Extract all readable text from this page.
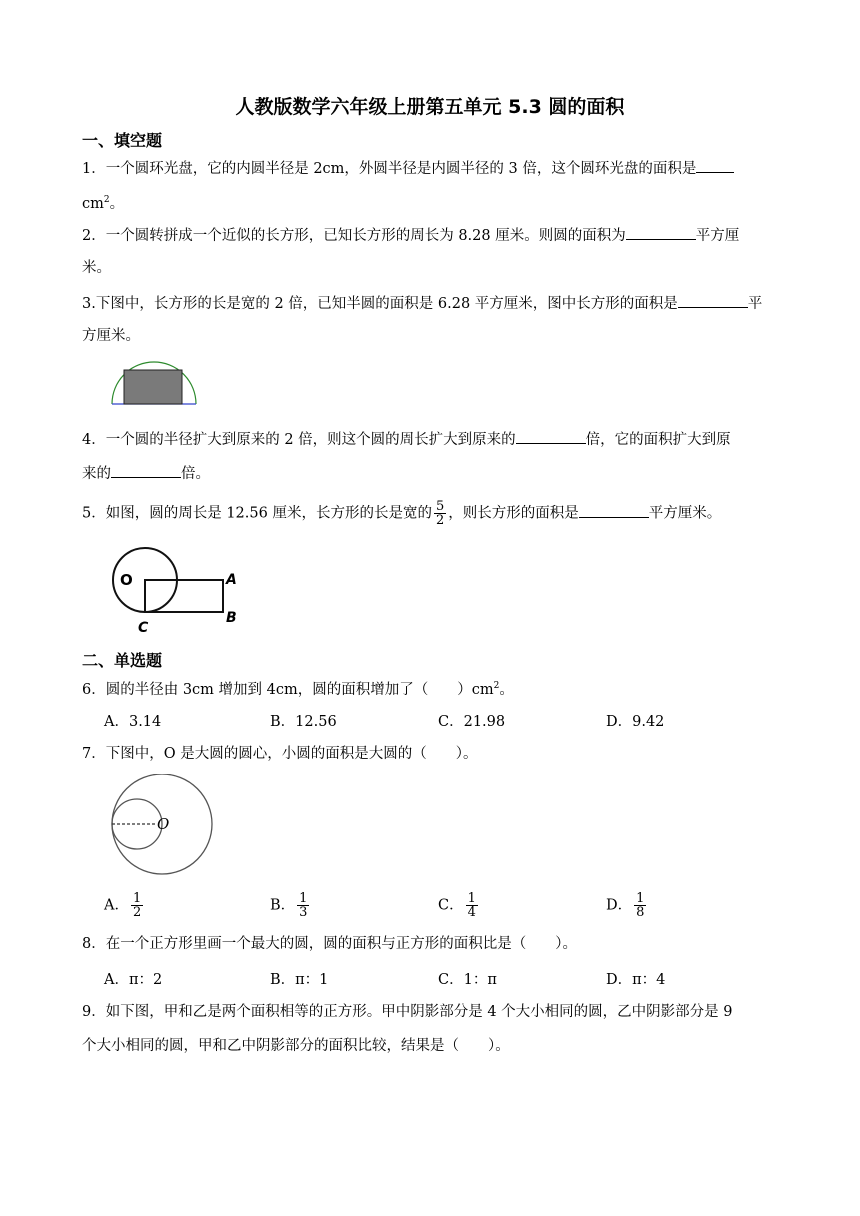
人教版数学六年级上册第五单元 5.3 圆的面积
一、填空题
1．一个圆环光盘，它的内圆半径是 2cm，外圆半径是内圆半径的 3 倍，这个圆环光盘的面积是
$cm^2$。
2．一个圆转拼成一个近似的长方形，已知长方形的周长为 8.28 厘米。则圆的面积为	平方厘
米。
3.下图中，长方形的长是宽的 2 倍，已知半圆的面积是 6.28 平方厘米，图中长方形的面积是	平
方厘米。
4．一个圆的半径扩大到原来的 2 倍，则这个圆的周长扩大到原来的	倍，它的面积扩大到原
来的	倍。
5．如图，圆的周长是 12.56 厘米，长方形的长是宽的 $\frac{5}{2}$ ，则长方形的面积是	平方厘米。
O	A
B
C
二、单选题
6．圆的半径由 3cm 增加到 4cm，圆的面积增加了（　　）$cm^2$。
A．3.14	B．12.56	C．21.98	D．9.42
7．下图中，O 是大圆的圆心，小圆的面积是大圆的（　　）。
O
A． $\frac{1}{2}$	B． $\frac{1}{3}$	C． $\frac{1}{4}$	D． $\frac{1}{8}$
8．在一个正方形里画一个最大的圆，圆的面积与正方形的面积比是（　　）。
A．π：2	B．π：1	C．1：π	D．π：4
9．如下图，甲和乙是两个面积相等的正方形。甲中阴影部分是 4 个大小相同的圆，乙中阴影部分是 9
个大小相同的圆，甲和乙中阴影部分的面积比较，结果是（　　）。
